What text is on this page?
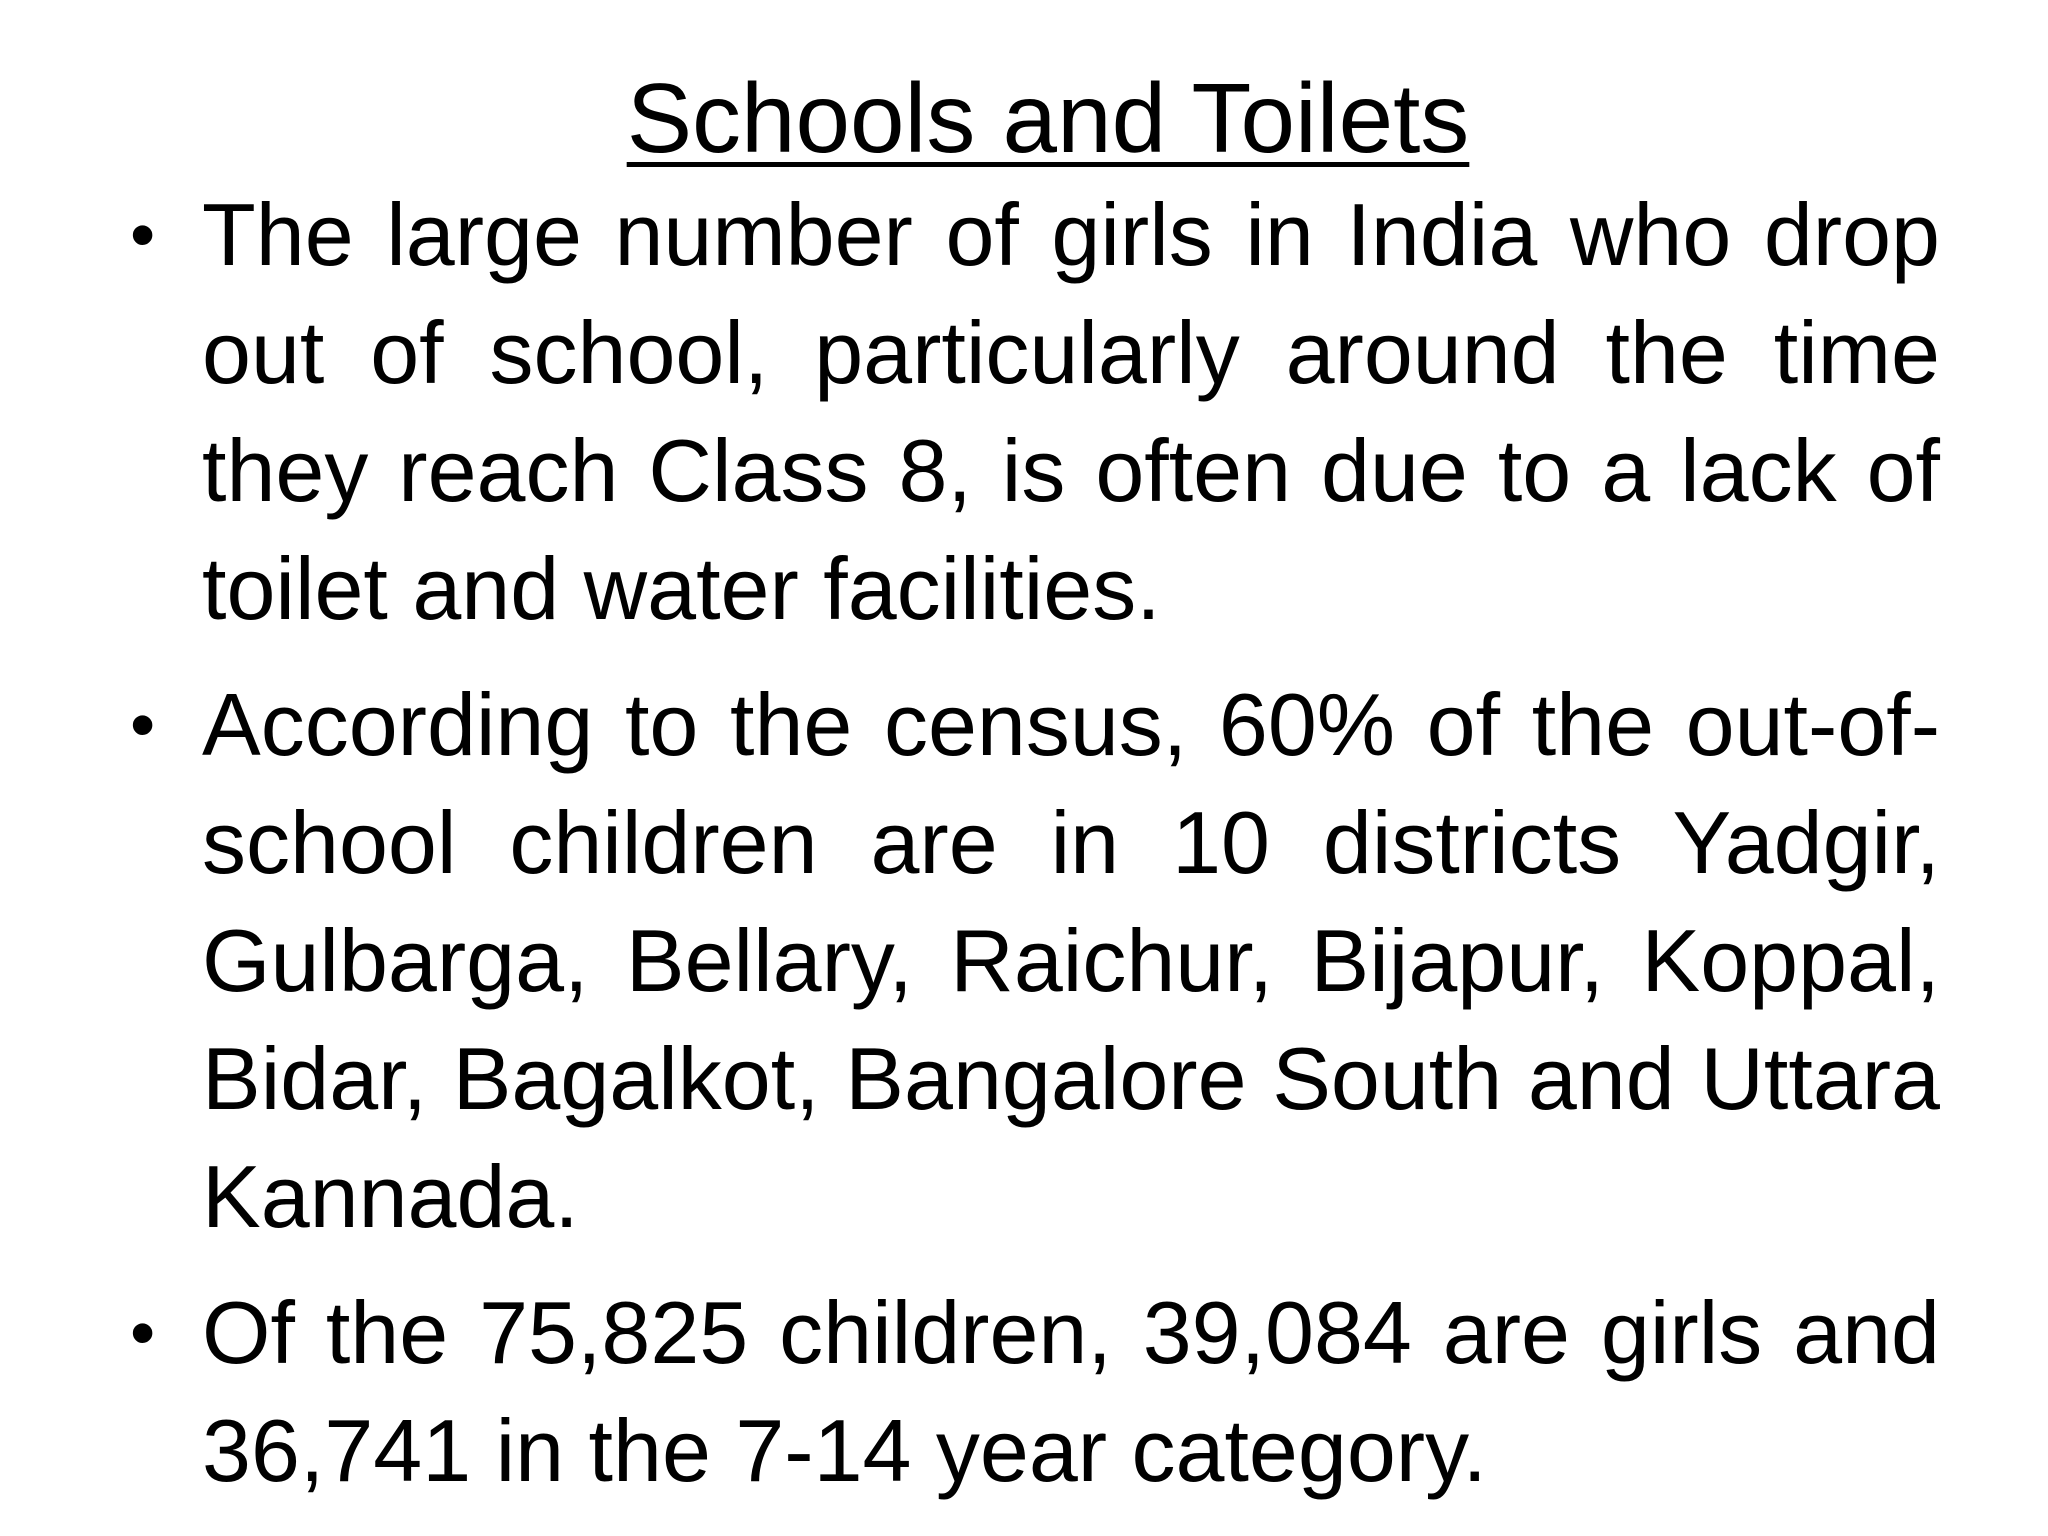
Schools and Toilets
• The large number of girls in India who drop out of school, particularly around the time they reach Class 8, is often due to a lack of toilet and water facilities.
• According to the census, 60% of the out-of-school children are in 10 districts Yadgir, Gulbarga, Bellary, Raichur, Bijapur, Koppal, Bidar, Bagalkot, Bangalore South and Uttara Kannada.
• Of the 75,825 children, 39,084 are girls and 36,741 in the 7-14 year category.
